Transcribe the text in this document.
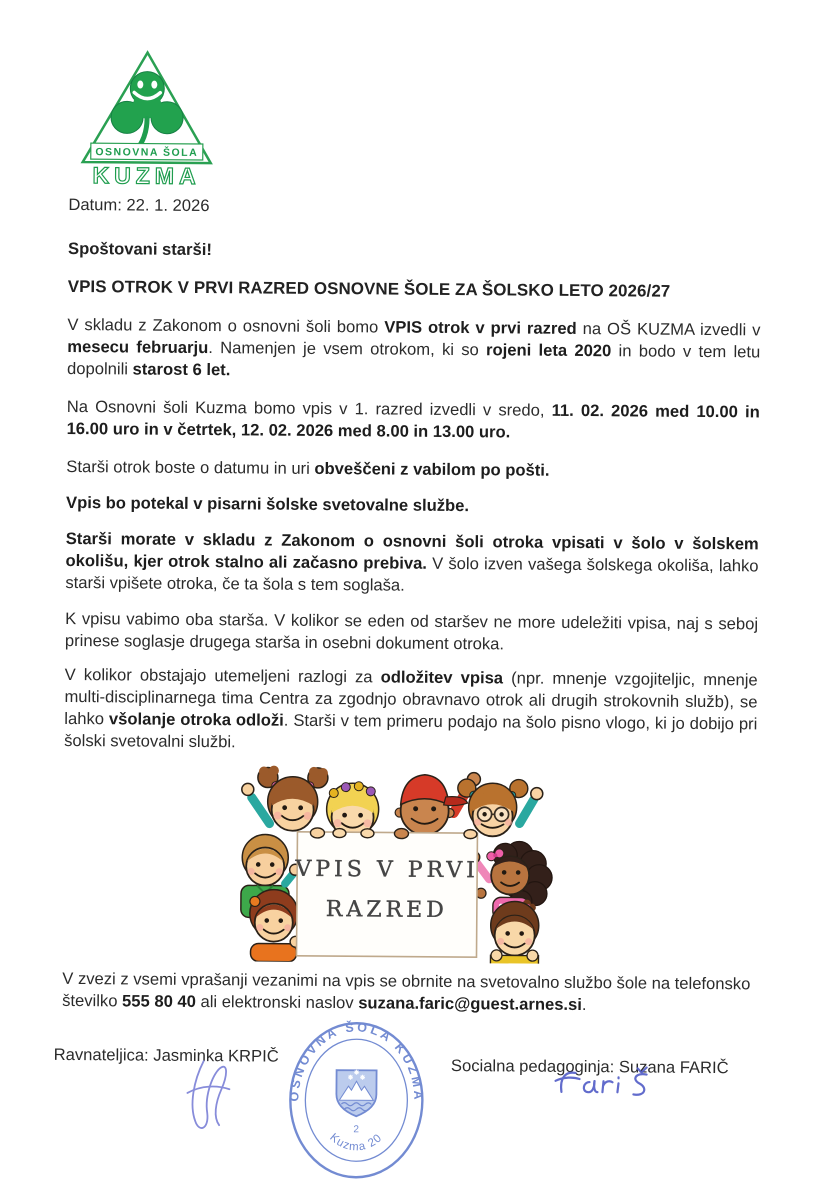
OSNOVNA ŠOLA
KUZMA
Datum: 22. 1. 2026
Spoštovani starši!
VPIS OTROK V PRVI RAZRED OSNOVNE ŠOLE ZA ŠOLSKO LETO 2026/27

V skladu z Zakonom o osnovni šoli bomo VPIS otrok v prvi razred na OŠ KUZMA izvedli v mesecu februarju. Namenjen je vsem otrokom, ki so rojeni leta 2020 in bodo v tem letu dopolnili starost 6 let.

Na Osnovni šoli Kuzma bomo vpis v 1. razred izvedli v sredo, 11. 02. 2026 med 10.00 in 16.00 uro in v četrtek, 12. 02. 2026 med 8.00 in 13.00 uro.

Starši otrok boste o datumu in uri obveščeni z vabilom po pošti.

Vpis bo potekal v pisarni šolske svetovalne službe.

Starši morate v skladu z Zakonom o osnovni šoli otroka vpisati v šolo v šolskem okolišu, kjer otrok stalno ali začasno prebiva. V šolo izven vašega šolskega okoliša, lahko starši vpišete otroka, če ta šola s tem soglaša.

K vpisu vabimo oba starša. V kolikor se eden od staršev ne more udeležiti vpisa, naj s seboj prinese soglasje drugega starša in osebni dokument otroka.

V kolikor obstajajo utemeljeni razlogi za odložitev vpisa (npr. mnenje vzgojiteljic, mnenje multi-disciplinarnega tima Centra za zgodnjo obravnavo otrok ali drugih strokovnih služb), se lahko všolanje otroka odloži. Starši v tem primeru podajo na šolo pisno vlogo, ki jo dobijo pri šolski svetovalni službi.

VPIS V PRVI
RAZRED

V zvezi z vsemi vprašanji vezanimi na vpis se obrnite na svetovalno službo šole na telefonsko številko 555 80 40 ali elektronski naslov suzana.faric@guest.arnes.si.

Ravnateljica: Jasminka KRPIČ
Socialna pedagoginja: Suzana FARIČ
OSNOVNA ŠOLA KUZMA
Kuzma 20
2
